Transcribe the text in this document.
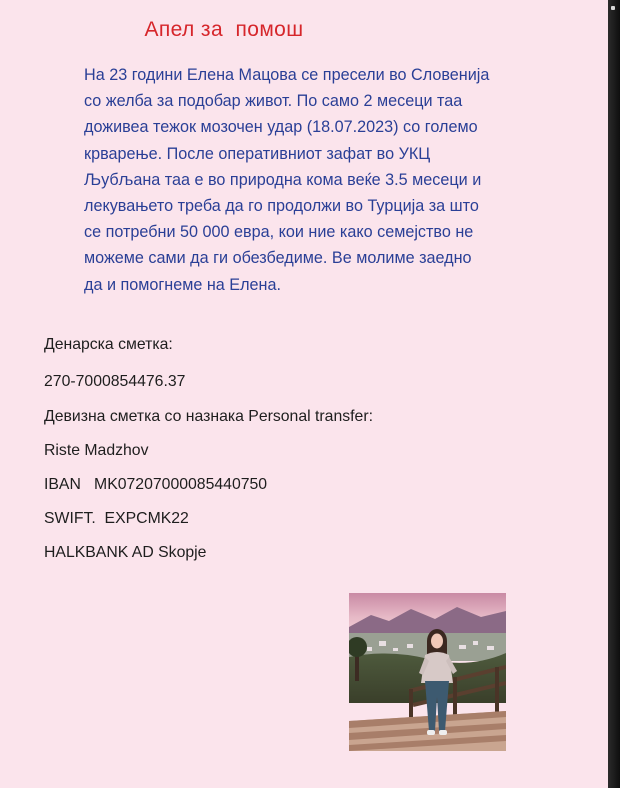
Апел за  помош
На 23 години Елена Мацова се пресели во Словенија
со желба за подобар живот. По само 2 месеци таа
доживеа тежок мозочен удар (18.07.2023) со големо
крварење. После оперативниот зафат во УКЦ
Љубљана таа е во природна кома веќе 3.5 месеци и
лекувањето треба да го продолжи во Турција за што
се потребни 50 000 евра, кои ние како семејство не
можеме сами да ги обезбедиме. Ве молиме заедно
да и помогнеме на Елена.
Денарска сметка:
270-7000854476.37
Девизна сметка со назнака Personal transfer:
Riste Madzhov
IBAN   MK07207000085440750
SWIFT.  EXPCMK22
HALKBANK AD Skopje
